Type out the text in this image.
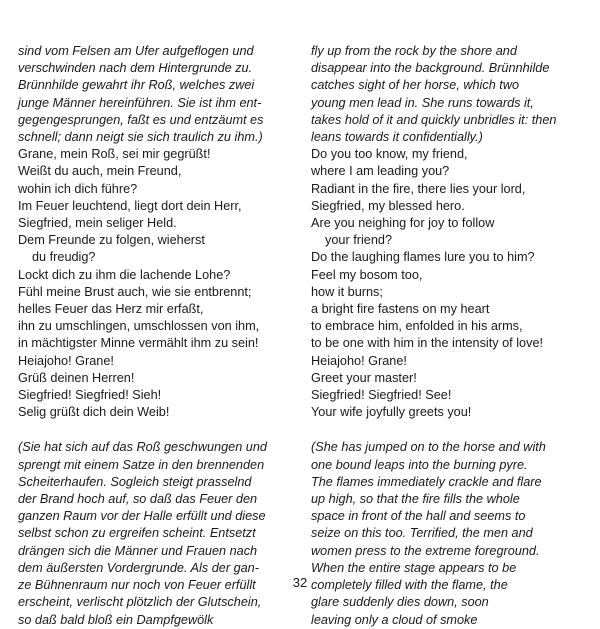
sind vom Felsen am Ufer aufgeflogen und
verschwinden nach dem Hintergrunde zu.
Brünnhilde gewahrt ihr Roß, welches zwei
junge Männer hereinführen. Sie ist ihm ent-
gegengesprungen, faßt es und entzäumt es
schnell; dann neigt sie sich traulich zu ihm.)
Grane, mein Roß, sei mir gegrüßt!
Weißt du auch, mein Freund,
wohin ich dich führe?
Im Feuer leuchtend, liegt dort dein Herr,
Siegfried, mein seliger Held.
Dem Freunde zu folgen, wieherst
du freudig?
Lockt dich zu ihm die lachende Lohe?
Fühl meine Brust auch, wie sie entbrennt;
helles Feuer das Herz mir erfaßt,
ihn zu umschlingen, umschlossen von ihm,
in mächtigster Minne vermählt ihm zu sein!
Heiajoho! Grane!
Grüß deinen Herren!
Siegfried! Siegfried! Sieh!
Selig grüßt dich dein Weib!
(Sie hat sich auf das Roß geschwungen und
sprengt mit einem Satze in den brennenden
Scheiterhaufen. Sogleich steigt prasselnd
der Brand hoch auf, so daß das Feuer den
ganzen Raum vor der Halle erfüllt und diese
selbst schon zu ergreifen scheint. Entsetzt
drängen sich die Männer und Frauen nach
dem äußersten Vordergrunde. Als der gan-
ze Bühnenraum nur noch von Feuer erfüllt
erscheint, verlischt plötzlich der Glutschein,
so daß bald bloß ein Dampfgewölk
fly up from the rock by the shore and
disappear into the background. Brünnhilde
catches sight of her horse, which two
young men lead in. She runs towards it,
takes hold of it and quickly unbridles it: then
leans towards it confidentially.)
Do you too know, my friend,
where I am leading you?
Radiant in the fire, there lies your lord,
Siegfried, my blessed hero.
Are you neighing for joy to follow
your friend?
Do the laughing flames lure you to him?
Feel my bosom too,
how it burns;
a bright fire fastens on my heart
to embrace him, enfolded in his arms,
to be one with him in the intensity of love!
Heiajoho! Grane!
Greet your master!
Siegfried! Siegfried! See!
Your wife joyfully greets you!
(She has jumped on to the horse and with
one bound leaps into the burning pyre.
The flames immediately crackle and flare
up high, so that the fire fills the whole
space in front of the hall and seems to
seize on this too. Terrified, the men and
women press to the extreme foreground.
When the entire stage appears to be
completely filled with the flame, the
glare suddenly dies down, soon
leaving only a cloud of smoke
32
